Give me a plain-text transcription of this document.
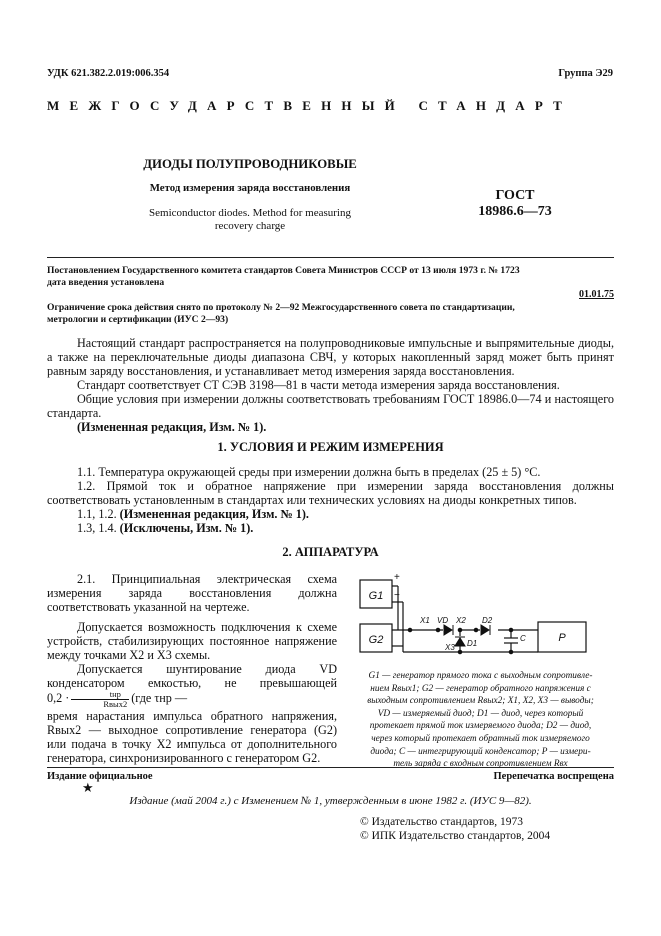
УДК 621.382.2.019:006.354	Группа Э29
МЕЖГОСУДАРСТВЕННЫЙ СТАНДАРТ
ДИОДЫ ПОЛУПРОВОДНИКОВЫЕ
Метод измерения заряда восстановления
Semiconductor diodes. Method for measuring
recovery charge
ГОСТ
18986.6—73
Постановлением Государственного комитета стандартов Совета Министров СССР от 13 июля 1973 г. № 1723
дата введения установлена
01.01.75
Ограничение срока действия снято по протоколу № 2—92 Межгосударственного совета по стандартизации,
метрологии и сертификации (ИУС 2—93)

Настоящий стандарт распространяется на полупроводниковые импульсные и выпрямительные диоды, а также на переключательные диоды диапазона СВЧ, у которых накопленный заряд может быть принят равным заряду восстановления, и устанавливает метод измерения заряда восстановления.

Стандарт соответствует СТ СЭВ 3198—81 в части метода измерения заряда восстановления.

Общие условия при измерении должны соответствовать требованиям ГОСТ 18986.0—74 и настоящего стандарта.

(Измененная редакция, Изм. № 1).

1. УСЛОВИЯ И РЕЖИМ ИЗМЕРЕНИЯ

1.1. Температура окружающей среды при измерении должна быть в пределах (25 ± 5) °С.

1.2. Прямой ток и обратное напряжение при измерении заряда восстановления должны соответствовать установленным в стандартах или технических условиях на диоды конкретных типов.

1.1, 1.2. (Измененная редакция, Изм. № 1).

1.3, 1.4. (Исключены, Изм. № 1).

2. АППАРАТУРА

2.1. Принципиальная электрическая схема измерения заряда восстановления должна соответствовать указанной на чертеже.

Допускается возможность подключения к схеме устройств, стабилизирующих постоянное напряжение между точками X2 и X3 схемы.

Допускается шунтирование диода VD конденсатором емкостью, не превышающей 0,2 ·	tнр
Rвых2 (где τнр —

время нарастания импульса обратного напряжения, Rвых2 — выходное сопротивление генератора (G2) или подача в точку X2 импульса от дополнительного генератора, синхронизированного с генератором G2.

G1
G2	P
+
−
X1 VD X2 D2
C
D1
X3
G1 — генератор прямого тока с выходным сопротивле-
нием Rвых1; G2 — генератор обратного напряжения с
выходным сопротивлением Rвых2; X1, X2, X3 — выводы;
VD — измеряемый диод; D1 — диод, через который
протекает прямой ток измеряемого диода; D2 — диод,
через который протекает обратный ток измеряемого
диода; C — интегрирующий конденсатор; P — измери-
тель заряда с входным сопротивлением Rвх
Издание официальное	Перепечатка воспрещена
★
Издание (май 2004 г.) с Изменением № 1, утвержденным в июне 1982 г. (ИУС 9—82).
© Издательство стандартов, 1973
© ИПК Издательство стандартов, 2004
